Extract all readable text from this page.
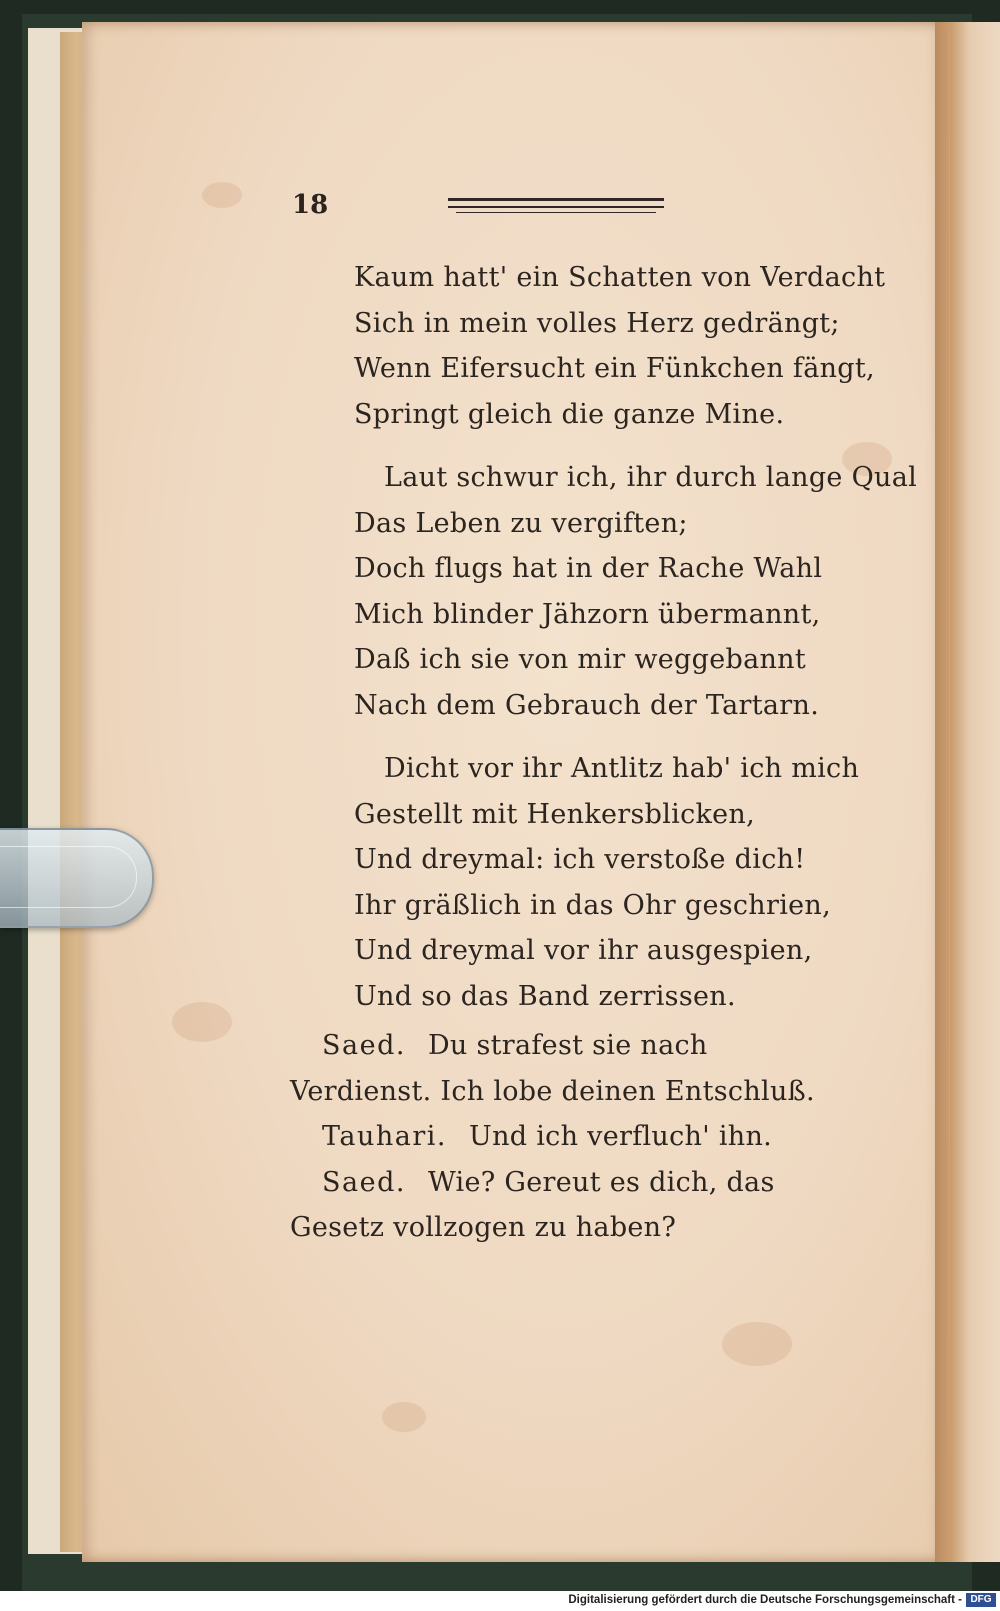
18
Kaum hatt' ein Schatten von Verdacht
Sich in mein volles Herz gedrängt;
Wenn Eifersucht ein Fünkchen fängt,
Springt gleich die ganze Mine.
Laut schwur ich, ihr durch lange Qual
Das Leben zu vergiften;
Doch flugs hat in der Rache Wahl
Mich blinder Jähzorn übermannt,
Daß ich sie von mir weggebannt
Nach dem Gebrauch der Tartarn.
Dicht vor ihr Antlitz hab' ich mich
Gestellt mit Henkersblicken,
Und dreymal: ich verstoße dich!
Ihr gräßlich in das Ohr geschrien,
Und dreymal vor ihr ausgespien,
Und so das Band zerrissen.
Saed. Du strafest sie nach Verdienst. Ich lobe deinen Entschluß.
Tauhari. Und ich verfluch' ihn.
Saed. Wie? Gereut es dich, das Gesetz vollzogen zu haben?
Digitalisierung gefördert durch die Deutsche Forschungsgemeinschaft - DFG
